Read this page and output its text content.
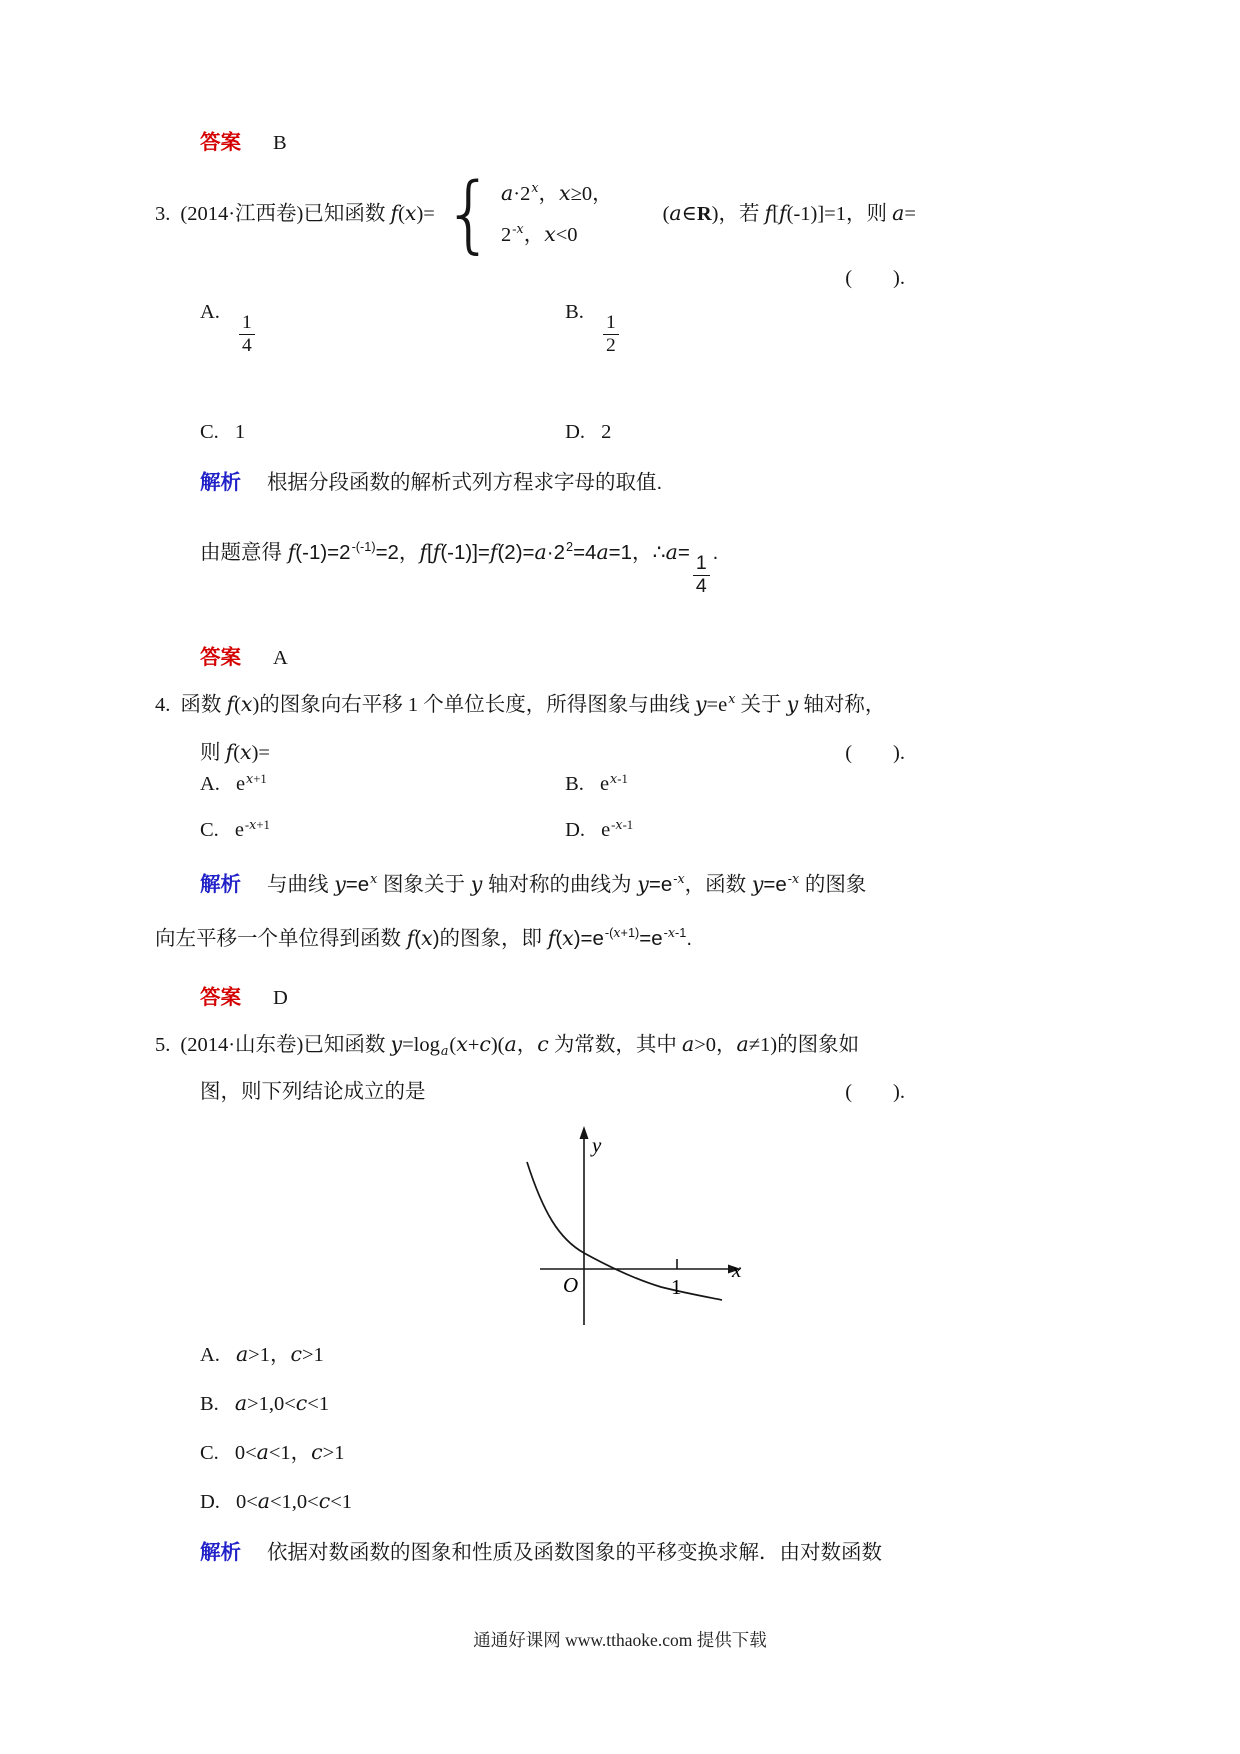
答案 B
3. (2014·江西卷)已知函数 f(x)= { $a\cdot 2^x$，x≥0，
$2^{-x}$，x<0
(a∈R)，若 f[f(-1)]=1，则 a=
(　　).
A.
$\frac{1}{4}$
B.
$\frac{1}{2}$
C. 1	D. 2
解析 根据分段函数的解析式列方程求字母的取值.
由题意得 $f(-1)=2^{-(-1)}=2$，$f[f(-1)]=f(2)=a\cdot 2^2=4a=1$，∴a=
$\frac{1}{4}$
.
答案 A
4. 函数 f(x)的图象向右平移 1 个单位长度，所得图象与曲线 $y=e^x$ 关于 y 轴对称，
则 f(x)=	(　　).
A. $e^{x+1}$	B. $e^{x-1}$
C. $e^{-x+1}$	D. $e^{-x-1}$
解析 与曲线 $y=e^x$ 图象关于 y 轴对称的曲线为 $y=e^{-x}$，函数 $y=e^{-x}$ 的图象
向左平移一个单位得到函数 f(x)的图象，即 $f(x)=e^{-(x+1)}=e^{-x-1}$.
答案 D
5. (2014·山东卷)已知函数 $y=\log_a(x+c)(a$，c 为常数，其中 a>0，a≠1)的图象如
图，则下列结论成立的是	(　　).
y
x
O	1
A. a>1，c>1
B. a>1,0<c<1
C. 0<a<1，c>1
D. 0<a<1,0<c<1
解析 依据对数函数的图象和性质及函数图象的平移变换求解．由对数函数
通通好课网 www.tthaoke.com 提供下载
